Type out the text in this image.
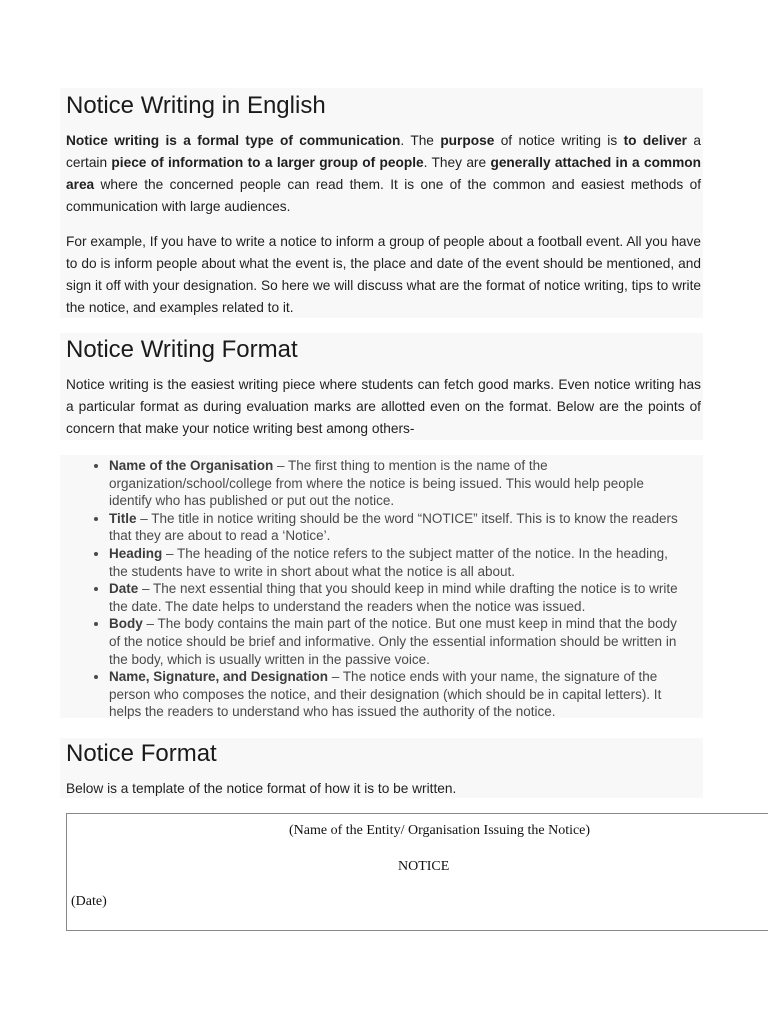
Notice Writing in English

Notice writing is a formal type of communication. The purpose of notice writing is to deliver a certain piece of information to a larger group of people. They are generally attached in a common area where the concerned people can read them. It is one of the common and easiest methods of communication with large audiences.

For example, If you have to write a notice to inform a group of people about a football event. All you have to do is inform people about what the event is, the place and date of the event should be mentioned, and sign it off with your designation. So here we will discuss what are the format of notice writing, tips to write the notice, and examples related to it.

Notice Writing Format

Notice writing is the easiest writing piece where students can fetch good marks. Even notice writing has a particular format as during evaluation marks are allotted even on the format. Below are the points of concern that make your notice writing best among others-

• Name of the Organisation – The first thing to mention is the name of the organization/school/college from where the notice is being issued. This would help people identify who has published or put out the notice.
• Title – The title in notice writing should be the word “NOTICE” itself. This is to know the readers that they are about to read a ‘Notice’.
• Heading – The heading of the notice refers to the subject matter of the notice. In the heading, the students have to write in short about what the notice is all about.
• Date – The next essential thing that you should keep in mind while drafting the notice is to write the date. The date helps to understand the readers when the notice was issued.
• Body – The body contains the main part of the notice. But one must keep in mind that the body of the notice should be brief and informative. Only the essential information should be written in the body, which is usually written in the passive voice.
• Name, Signature, and Designation – The notice ends with your name, the signature of the person who composes the notice, and their designation (which should be in capital letters). It helps the readers to understand who has issued the authority of the notice.
Notice Format

Below is a template of the notice format of how it is to be written.

(Name of the Entity/ Organisation Issuing the Notice)
NOTICE
(Date)
